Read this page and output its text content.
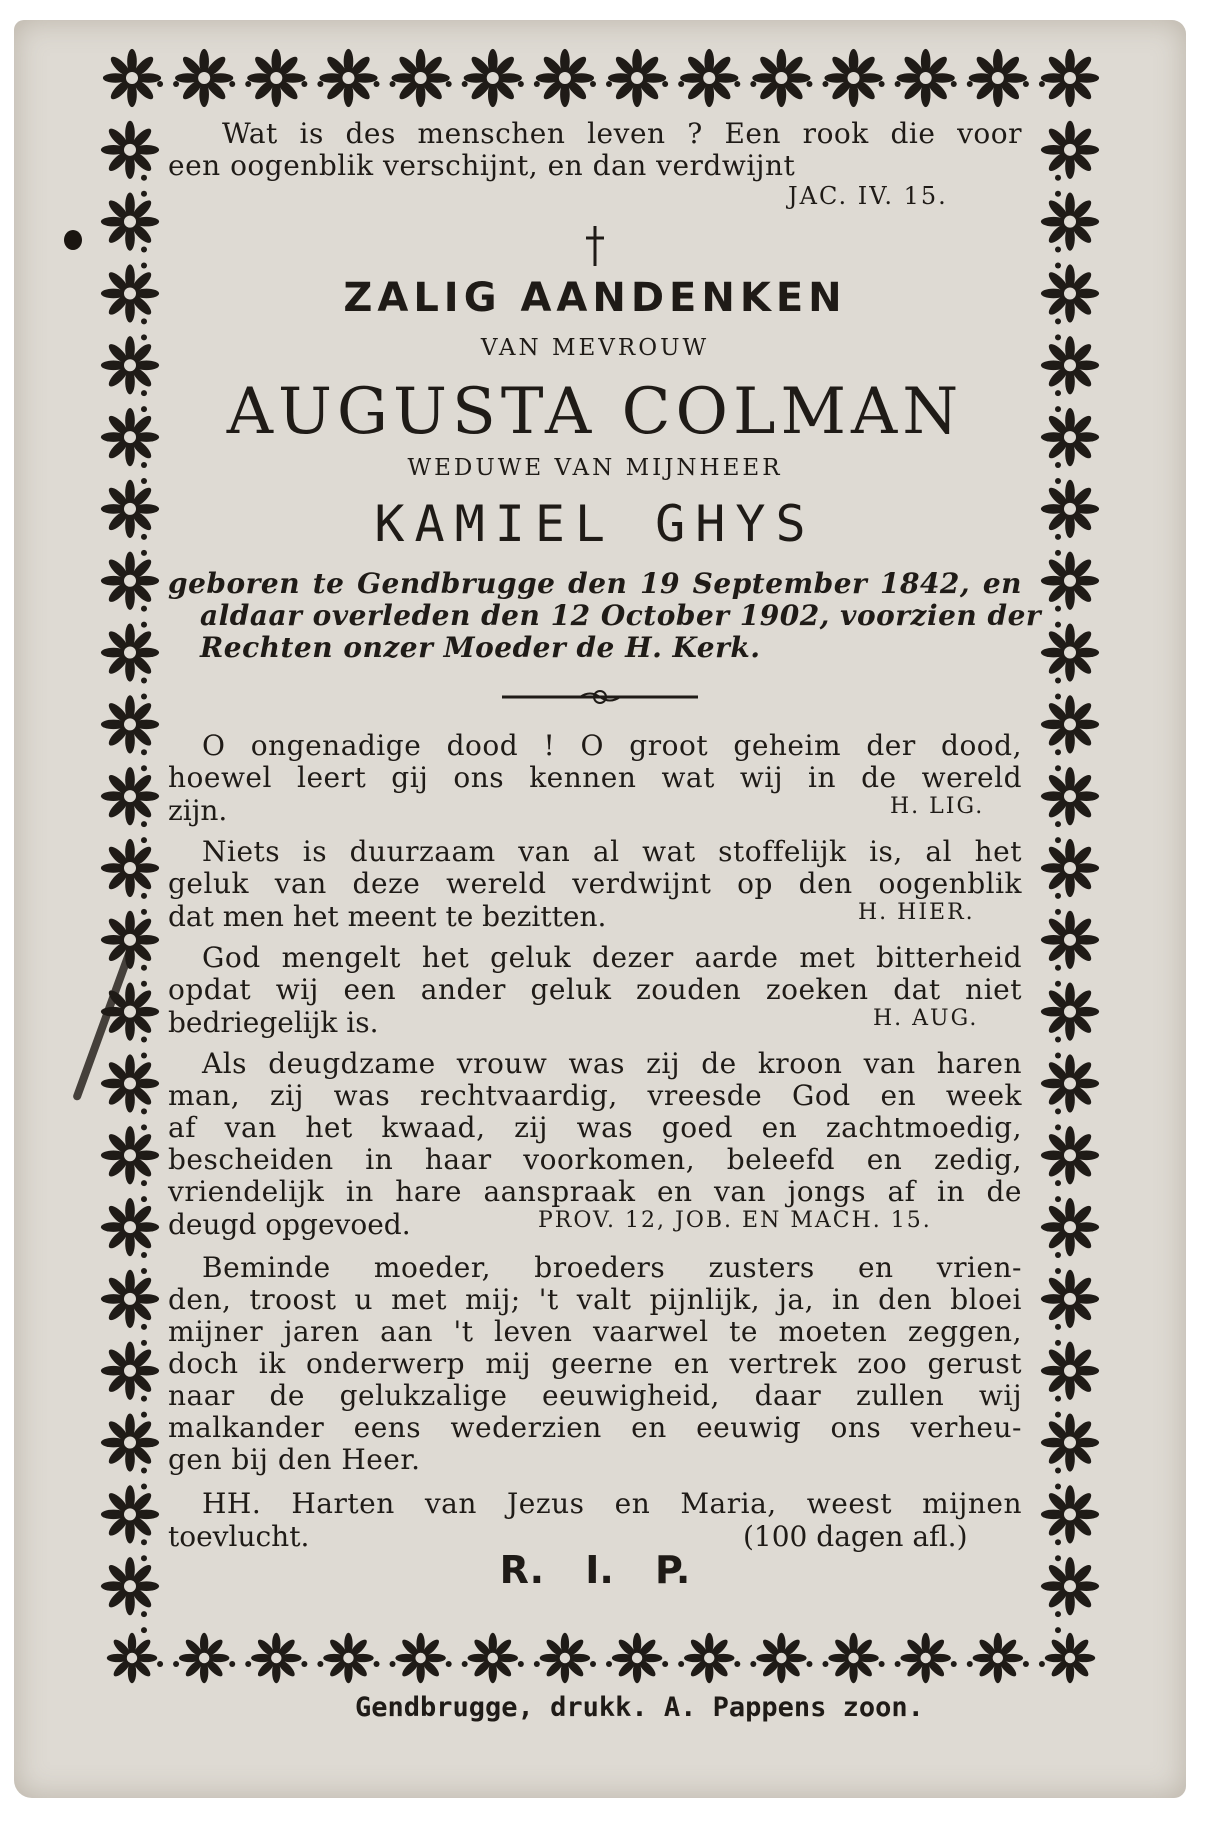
Wat is des menschen leven ? Een rook die voor
een oogenblik verschijnt, en dan verdwijnt
JAC. IV. 15.
ZALIG AANDENKEN
VAN MEVROUW
AUGUSTA COLMAN
WEDUWE VAN MIJNHEER
KAMIEL GHYS
geboren te Gendbrugge den 19 September 1842, en
aldaar overleden den 12 October 1902, voorzien der
Rechten onzer Moeder de H. Kerk.
O ongenadige dood ! O groot geheim der dood,
hoewel leert gij ons kennen wat wij in de wereld
zijn.	H. LIG.
Niets is duurzaam van al wat stoffelijk is, al het
geluk van deze wereld verdwijnt op den oogenblik
dat men het meent te bezitten.	H. HIER.
God mengelt het geluk dezer aarde met bitterheid
opdat wij een ander geluk zouden zoeken dat niet
bedriegelijk is.	H. AUG.
Als deugdzame vrouw was zij de kroon van haren
man, zij was rechtvaardig, vreesde God en week
af van het kwaad, zij was goed en zachtmoedig,
bescheiden in haar voorkomen, beleefd en zedig,
vriendelijk in hare aanspraak en van jongs af in de
deugd opgevoed.	PROV. 12, JOB. EN MACH. 15.
Beminde moeder, broeders zusters en vrien-
den, troost u met mij; 't valt pijnlijk, ja, in den bloei
mijner jaren aan 't leven vaarwel te moeten zeggen,
doch ik onderwerp mij geerne en vertrek zoo gerust
naar de gelukzalige eeuwigheid, daar zullen wij
malkander eens wederzien en eeuwig ons verheu-
gen bij den Heer.
HH. Harten van Jezus en Maria, weest mijnen
toevlucht.	(100 dagen afl.)
R. I. P.
Gendbrugge, drukk. A. Pappens zoon.
